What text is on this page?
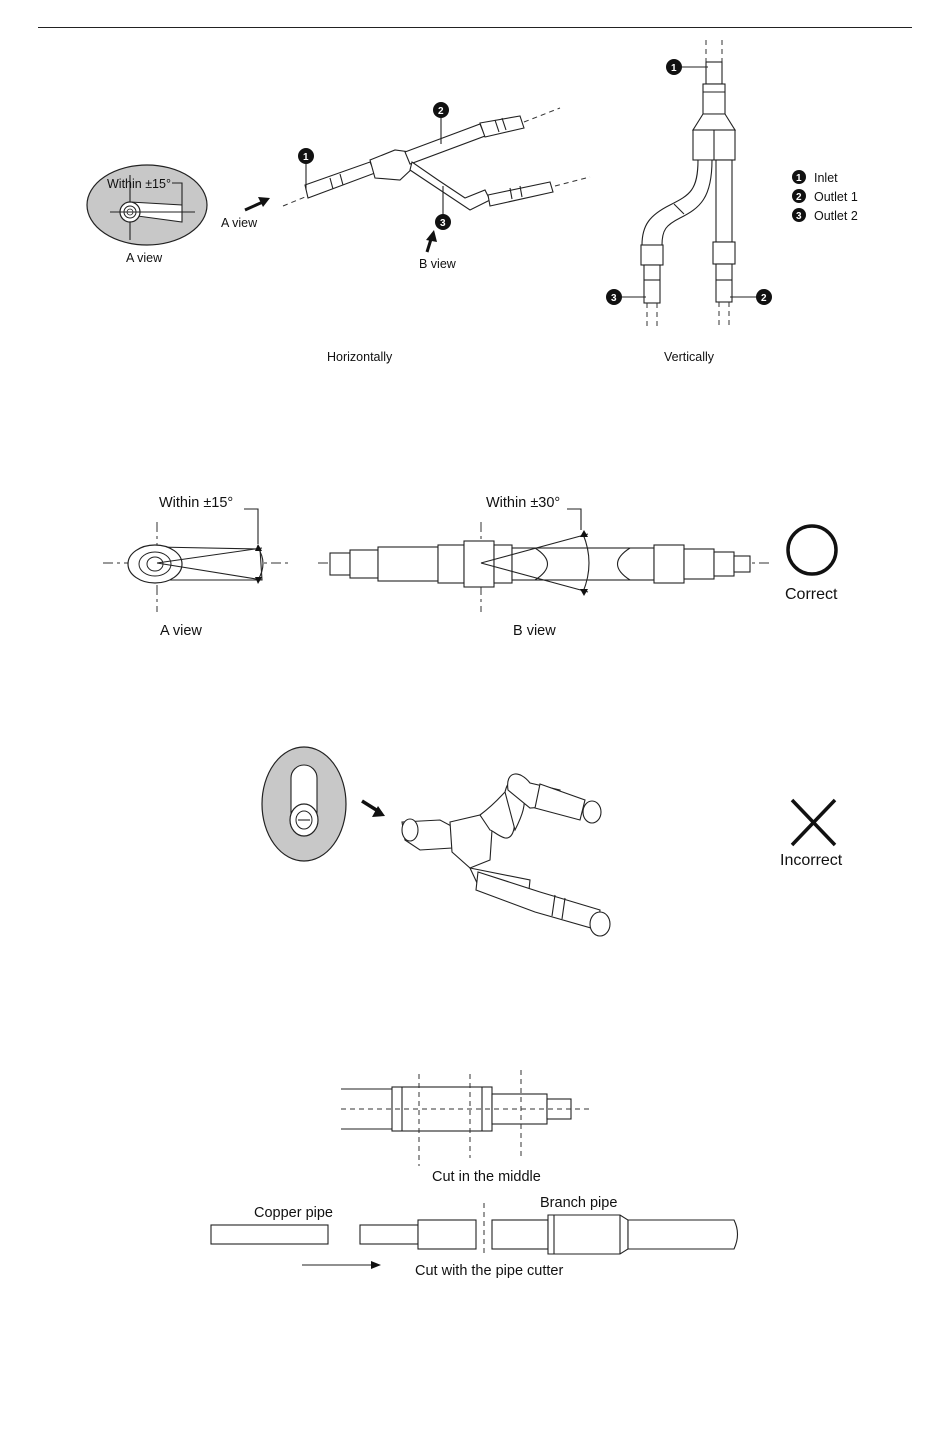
Within ±15°
A view
A view
1
2
3
B view
Horizontally
1
3	2
Vertically
1 Inlet
2 Outlet 1
3 Outlet 2
Within ±15°
A view
Within ±30°
B view
Correct
Incorrect
Cut in the middle
Copper pipe
Branch pipe
Cut with the pipe cutter
